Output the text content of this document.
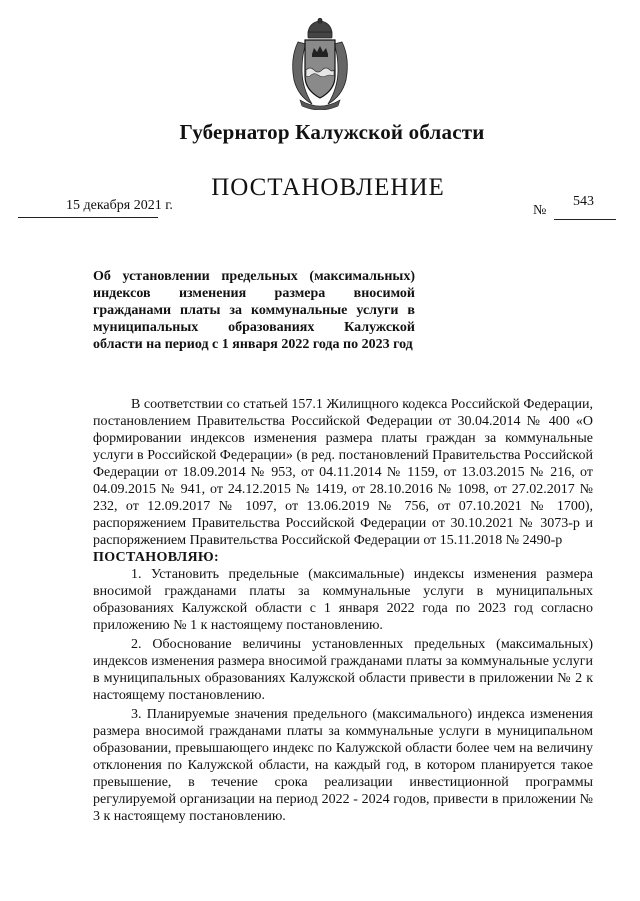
Губернатор Калужской области
ПОСТАНОВЛЕНИЕ
15 декабря 2021 г.	№
543
Об установлении предельных (максимальных) индексов изменения размера вносимой гражданами платы за коммунальные услуги в муниципальных образованиях Калужской области на период с 1 января 2022 года по 2023 год

В соответствии со статьей 157.1 Жилищного кодекса Российской Федерации, постановлением Правительства Российской Федерации от 30.04.2014 № 400 «О формировании индексов изменения размера платы граждан за коммунальные услуги в Российской Федерации» (в ред. постановлений Правительства Российской Федерации от 18.09.2014 № 953, от 04.11.2014 № 1159, от 13.03.2015 № 216, от 04.09.2015 № 941, от 24.12.2015 № 1419, от 28.10.2016 № 1098, от 27.02.2017 № 232, от 12.09.2017 № 1097, от 13.06.2019 № 756, от 07.10.2021 № 1700), распоряжением Правительства Российской Федерации от 30.10.2021 № 3073-р и распоряжением Правительства Российской Федерации от 15.11.2018 № 2490-р

ПОСТАНОВЛЯЮ:

1. Установить предельные (максимальные) индексы изменения размера вносимой гражданами платы за коммунальные услуги в муниципальных образованиях Калужской области с 1 января 2022 года по 2023 год согласно приложению № 1 к настоящему постановлению.

2. Обоснование величины установленных предельных (максимальных) индексов изменения размера вносимой гражданами платы за коммунальные услуги в муниципальных образованиях Калужской области привести в приложении № 2 к настоящему постановлению.

3. Планируемые значения предельного (максимального) индекса изменения размера вносимой гражданами платы за коммунальные услуги в муниципальном образовании, превышающего индекс по Калужской области более чем на величину отклонения по Калужской области, на каждый год, в котором планируется такое превышение, в течение срока реализации инвестиционной программы регулируемой организации на период 2022 - 2024 годов, привести в приложении № 3 к настоящему постановлению.
